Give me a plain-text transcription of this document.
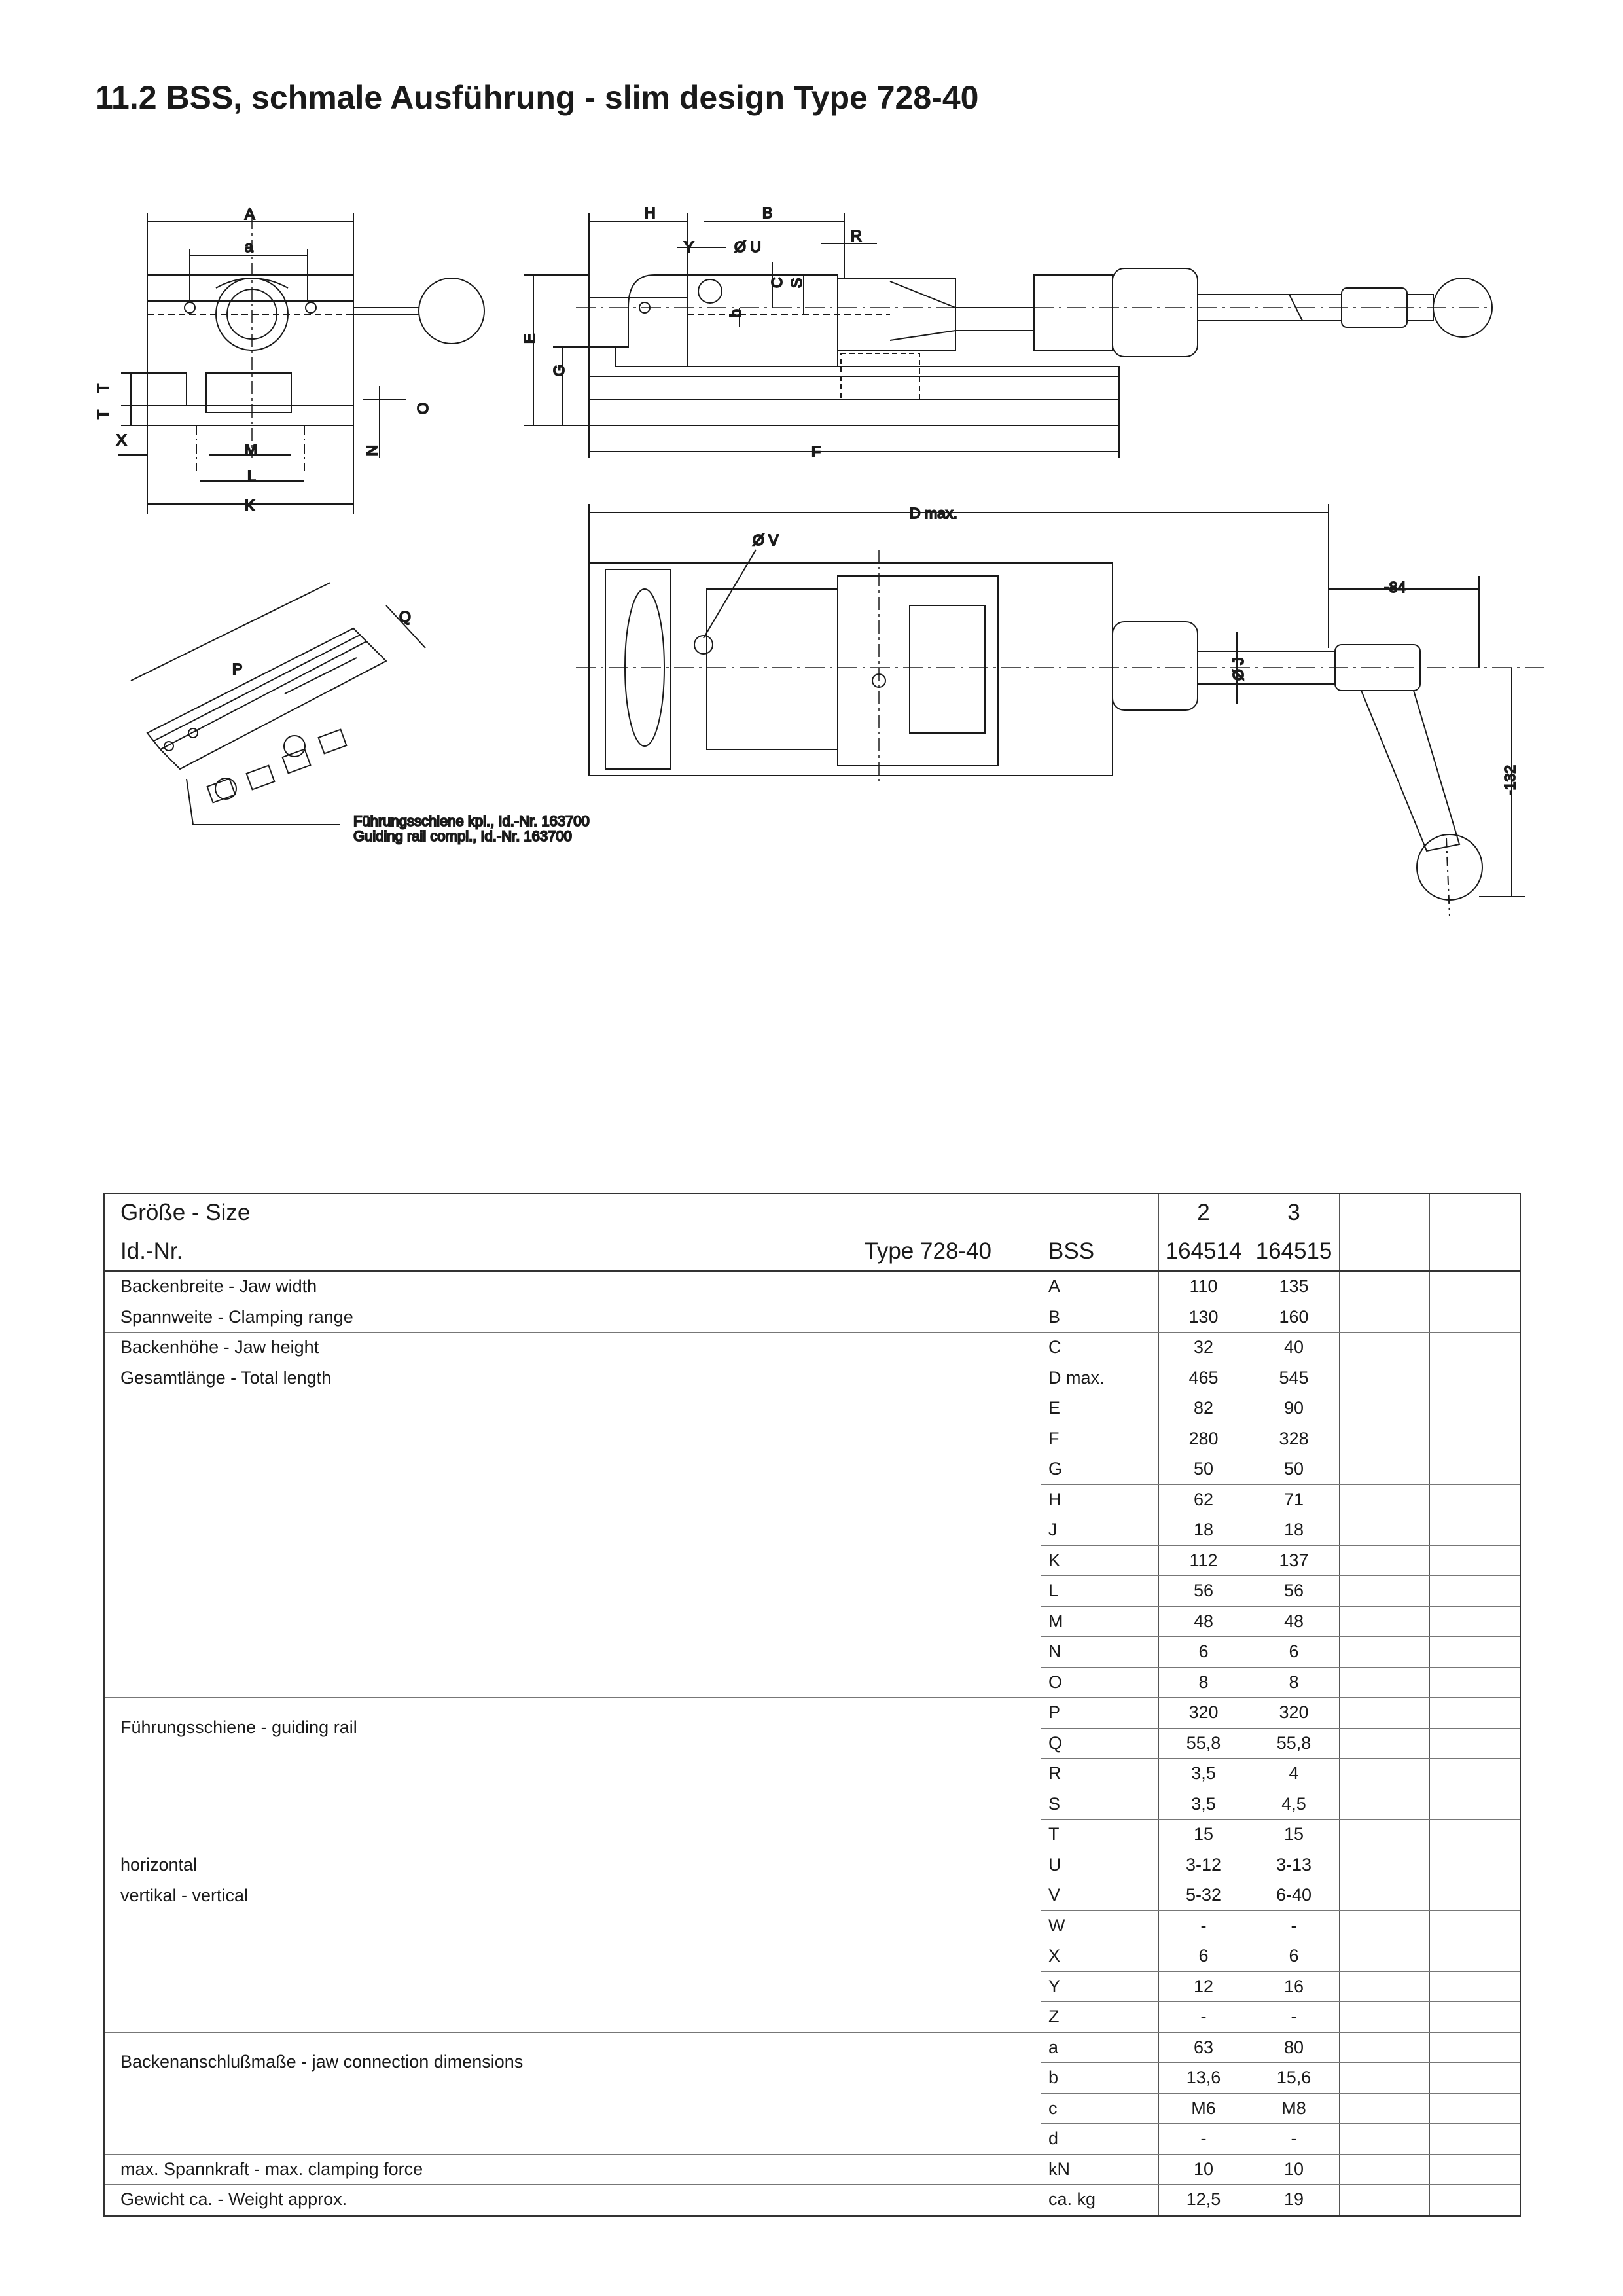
11.2 BSS, schmale Ausführung - slim design Type 728-40
A
a
T
T
X
M
L
K
N
O
H	B
Y	Ø U
R
C S
b
E
G
F
D max.
Ø V
Ø J
-84
-132
P
Q
Führungsschiene kpl., Id.-Nr. 163700
Guiding rail compl., Id.-Nr. 163700
Größe - Size		2	3		
Id.-Nr. Type 728-40	BSS	164514	164515		
Backenbreite - Jaw width	A	110	135		
Spannweite - Clamping range	B	130	160		
Backenhöhe - Jaw height	C	32	40		
Gesamtlänge - Total length	D max.	465	545		
	E	82	90		
	F	280	328		
	G	50	50		
	H	62	71		
	J	18	18		
	K	112	137		
	L	56	56		
	M	48	48		
	N	6	6		
	O	8	8		
Führungsschiene - guiding rail	P	320	320		
	Q	55,8	55,8		
	R	3,5	4		
	S	3,5	4,5		
	T	15	15		
horizontal	U	3-12	3-13		
vertikal - vertical	V	5-32	6-40		
	W	-	-		
	X	6	6		
	Y	12	16		
	Z	-	-		
Backenanschlußmaße - jaw connection dimensions	a	63	80		
	b	13,6	15,6		
	c	M6	M8		
	d	-	-		
max. Spannkraft - max. clamping force	kN	10	10		
Gewicht ca. - Weight approx.	ca. kg	12,5	19		
